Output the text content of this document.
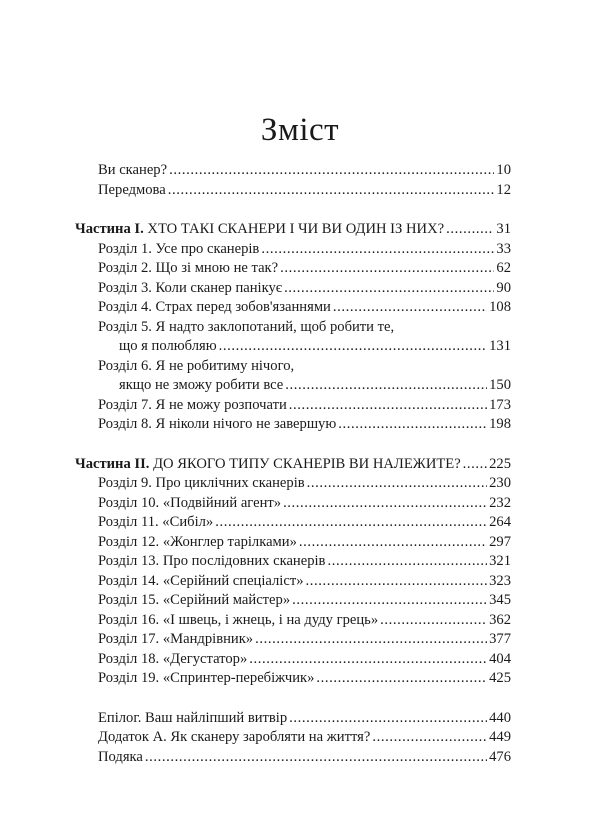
Зміст
Ви сканер? .....	10
Передмова .....	12
Частина I. ХТО ТАКІ СКАНЕРИ І ЧИ ВИ ОДИН ІЗ НИХ? .....	31
Розділ 1. Усе про сканерів .....	33
Розділ 2. Що зі мною не так? .....	62
Розділ 3. Коли сканер панікує .....	90
Розділ 4. Страх перед зобов'язаннями .....	108
Розділ 5. Я надто заклопотаний, щоб робити те,
що я полюбляю .....	131
Розділ 6. Я не робитиму нічого,
якщо не зможу робити все .....	150
Розділ 7. Я не можу розпочати .....	173
Розділ 8. Я ніколи нічого не завершую .....	198
Частина II. ДО ЯКОГО ТИПУ СКАНЕРІВ ВИ НАЛЕЖИТЕ? ..... 225
Розділ 9. Про циклічних сканерів .....	230
Розділ 10. «Подвійний агент» .....	232
Розділ 11. «Сибіл» .....	264
Розділ 12. «Жонглер тарілками» .....	297
Розділ 13. Про послідовних сканерів .....	321
Розділ 14. «Серійний спеціаліст» .....	323
Розділ 15. «Серійний майстер» .....	345
Розділ 16. «І швець, і жнець, і на дуду грець» .....	362
Розділ 17. «Мандрівник» .....	377
Розділ 18. «Дегустатор» .....	404
Розділ 19. «Спринтер-перебіжчик» .....	425
Епілог. Ваш найліпший витвір .....	440
Додаток А. Як сканеру заробляти на життя? .....	449
Подяка .....	476
